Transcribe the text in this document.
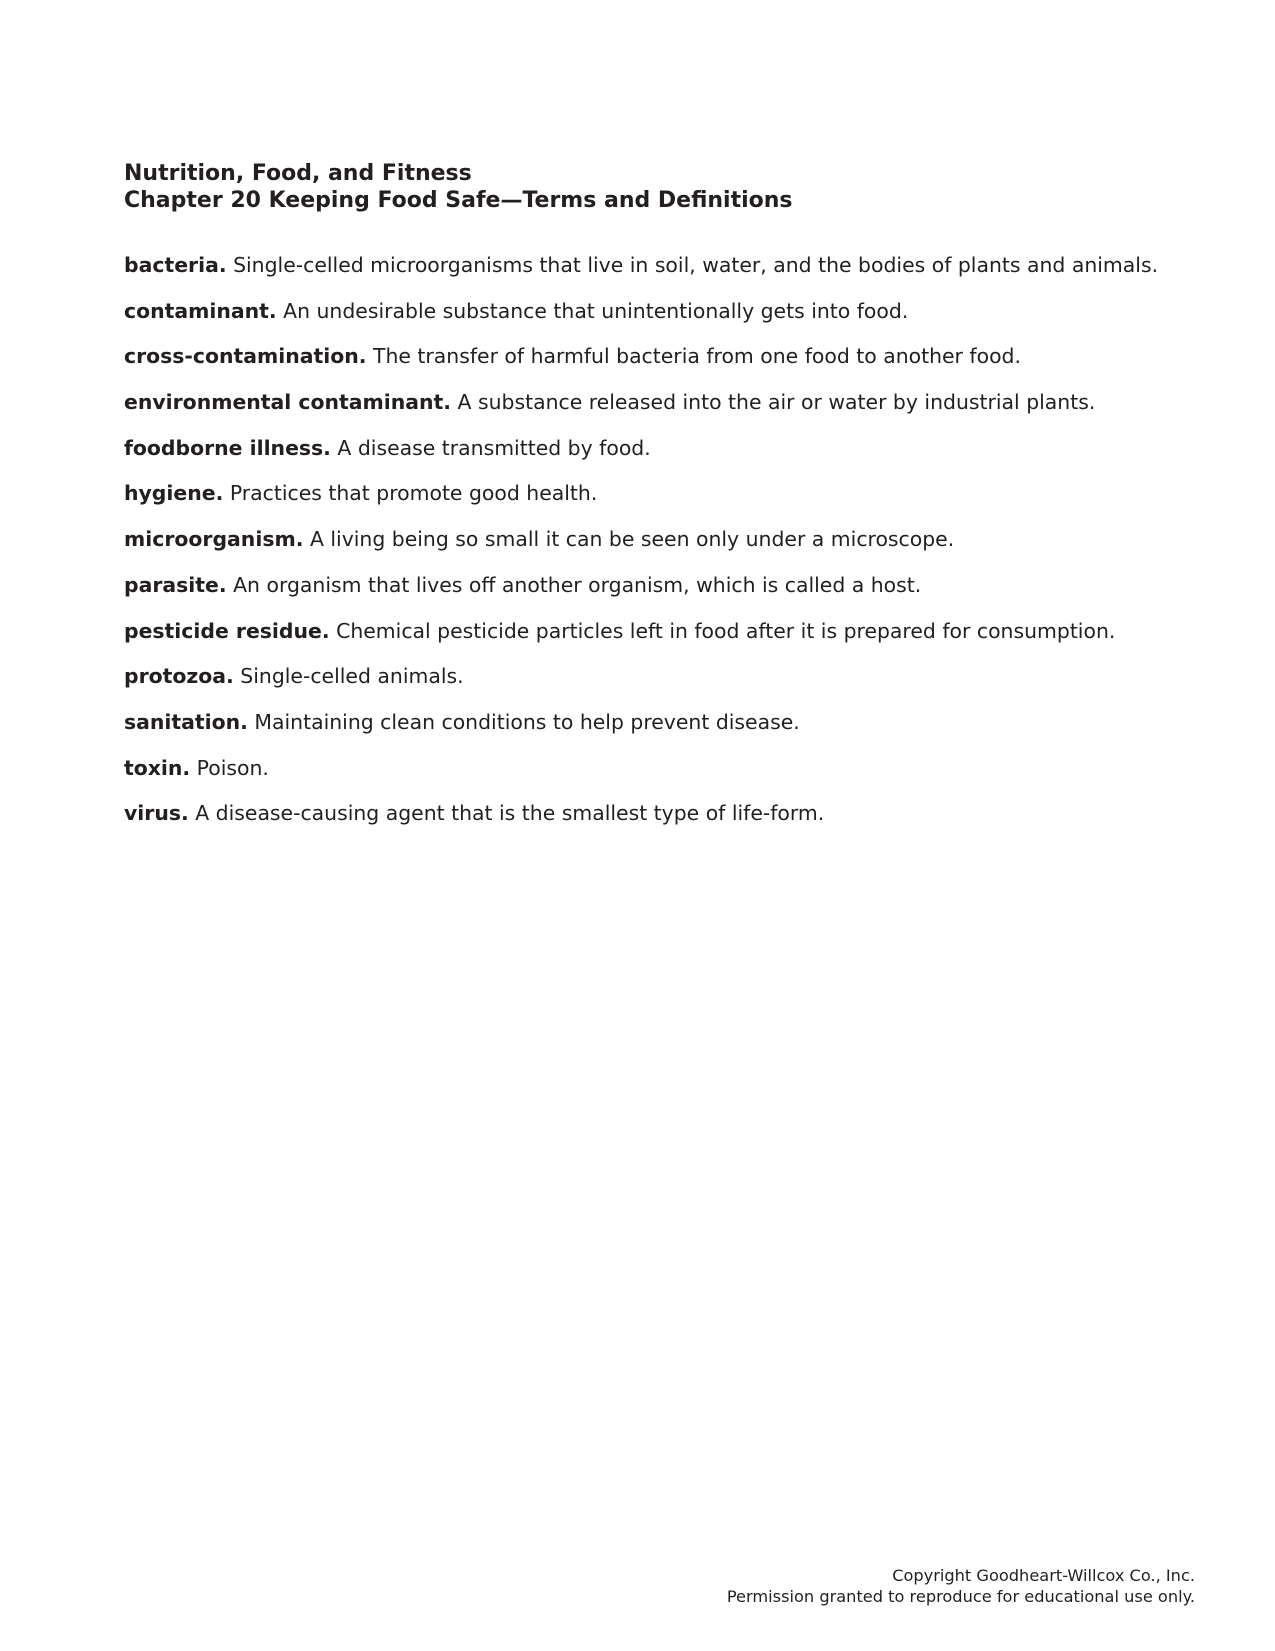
Nutrition, Food, and Fitness
Chapter 20 Keeping Food Safe—Terms and Definitions
bacteria. Single-celled microorganisms that live in soil, water, and the bodies of plants and animals.
contaminant. An undesirable substance that unintentionally gets into food.
cross-contamination. The transfer of harmful bacteria from one food to another food.
environmental contaminant. A substance released into the air or water by industrial plants.
foodborne illness. A disease transmitted by food.
hygiene. Practices that promote good health.
microorganism. A living being so small it can be seen only under a microscope.
parasite. An organism that lives off another organism, which is called a host.
pesticide residue. Chemical pesticide particles left in food after it is prepared for consumption.
protozoa. Single-celled animals.
sanitation. Maintaining clean conditions to help prevent disease.
toxin. Poison.
virus. A disease-causing agent that is the smallest type of life-form.
Copyright Goodheart-Willcox Co., Inc.
Permission granted to reproduce for educational use only.
